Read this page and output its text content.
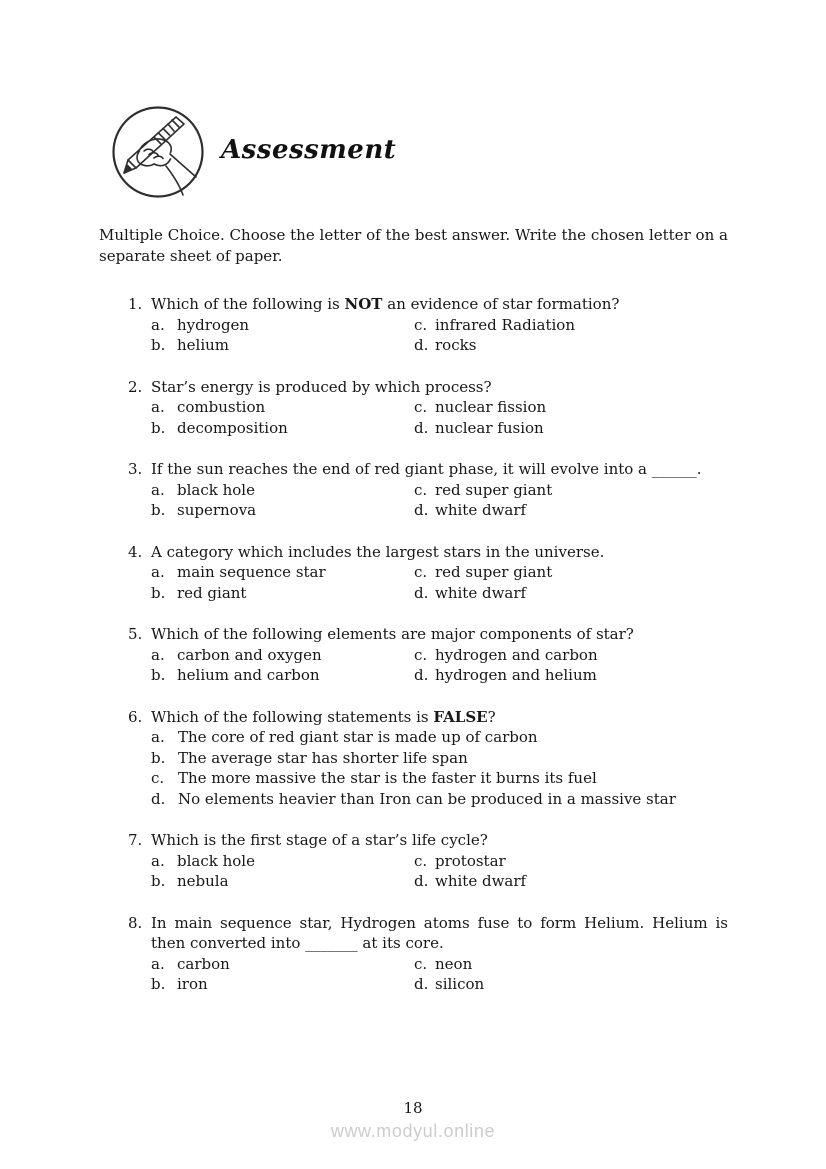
Assessment
Multiple Choice. Choose the letter of the best answer. Write the chosen letter on a separate sheet of paper.
1. Which of the following is NOT an evidence of star formation?
a. hydrogen	c. infrared Radiation
b. helium	d. rocks
2. Star’s energy is produced by which process?
a. combustion	c. nuclear fission
b. decomposition	d. nuclear fusion
3. If the sun reaches the end of red giant phase, it will evolve into a ______.
a. black hole	c. red super giant
b. supernova	d. white dwarf
4. A category which includes the largest stars in the universe.
a. main sequence star	c. red super giant
b. red giant	d. white dwarf
5. Which of the following elements are major components of star?
a. carbon and oxygen	c. hydrogen and carbon
b. helium and carbon	d. hydrogen and helium
6. Which of the following statements is FALSE?
a. The core of red giant star is made up of carbon
b. The average star has shorter life span
c. The more massive the star is the faster it burns its fuel
d. No elements heavier than Iron can be produced in a massive star
7. Which is the first stage of a star’s life cycle?
a. black hole	c. protostar
b. nebula	d. white dwarf
8. In main sequence star, Hydrogen atoms fuse to form Helium. Helium is then converted into _______ at its core.
a. carbon	c. neon
b. iron	d. silicon
18
www.modyul.online
